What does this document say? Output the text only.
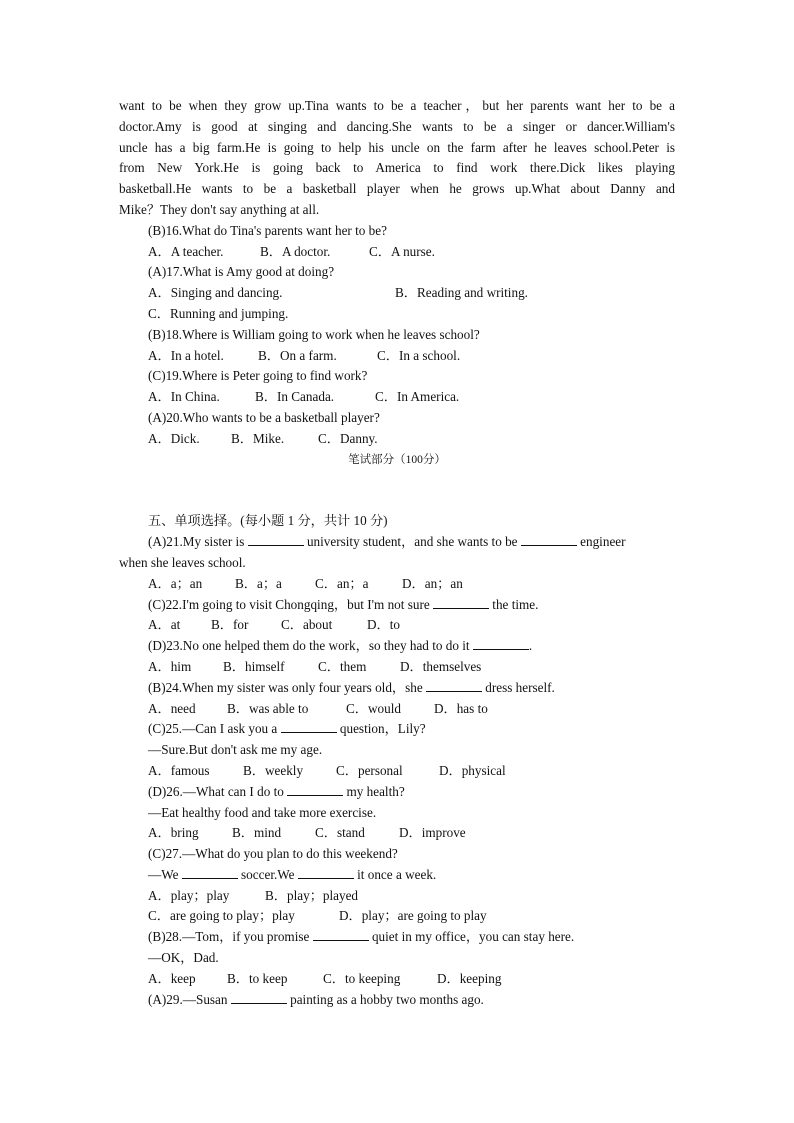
want to be when they grow up.Tina wants to be a teacher，but her parents want her to be a
doctor.Amy is good at singing and dancing.She wants to be a singer or dancer.William's
uncle has a big farm.He is going to help his uncle on the farm after he leaves school.Peter is
from New York.He is going back to America to find work there.Dick likes playing
basketball.He wants to be a basketball player when he grows up.What about Danny and
Mike？They don't say anything at all.
(B)16.What do Tina's parents want her to be?
A．A teacher.	B．A doctor.	C．A nurse.
(A)17.What is Amy good at doing?
A．Singing and dancing.	B．Reading and writing.
C．Running and jumping.
(B)18.Where is William going to work when he leaves school?
A．In a hotel.	B．On a farm.	C．In a school.
(C)19.Where is Peter going to find work?
A．In China.	B．In Canada.	C．In America.
(A)20.Who wants to be a basketball player?
A．Dick. B．Mike.	C．Danny.
笔试部分（100分）
五、单项选择。(每小题 1 分，共计 10 分)
(A)21.My sister is	university student，and she wants to be	engineer
when she leaves school.
A．a；an B．a；a	C．an；a	D．an；an
(C)22.I'm going to visit Chongqing，but I'm not sure	the time.
A．at B．for C．about	D．to
(D)23.No one helped them do the work，so they had to do it	.
A．him B．himself	C．them	D．themselves
(B)24.When my sister was only four years old，she	dress herself.
A．need B．was able to	C．would	D．has to
(C)25.—Can I ask you a	question，Lily?
—Sure.But don't ask me my age.
A．famous	B．weekly C．personal	D．physical
(D)26.—What can I do to	my health?
—Eat healthy food and take more exercise.
A．bring	B．mind	C．stand	D．improve
(C)27.—What do you plan to do this weekend?
—We	soccer.We	it once a week.
A．play；play	B．play；played
C．are going to play；play	D．play；are going to play
(B)28.—Tom，if you promise	quiet in my office，you can stay here.
—OK，Dad.
A．keep B．to keep	C．to keeping	D．keeping
(A)29.—Susan	painting as a hobby two months ago.
